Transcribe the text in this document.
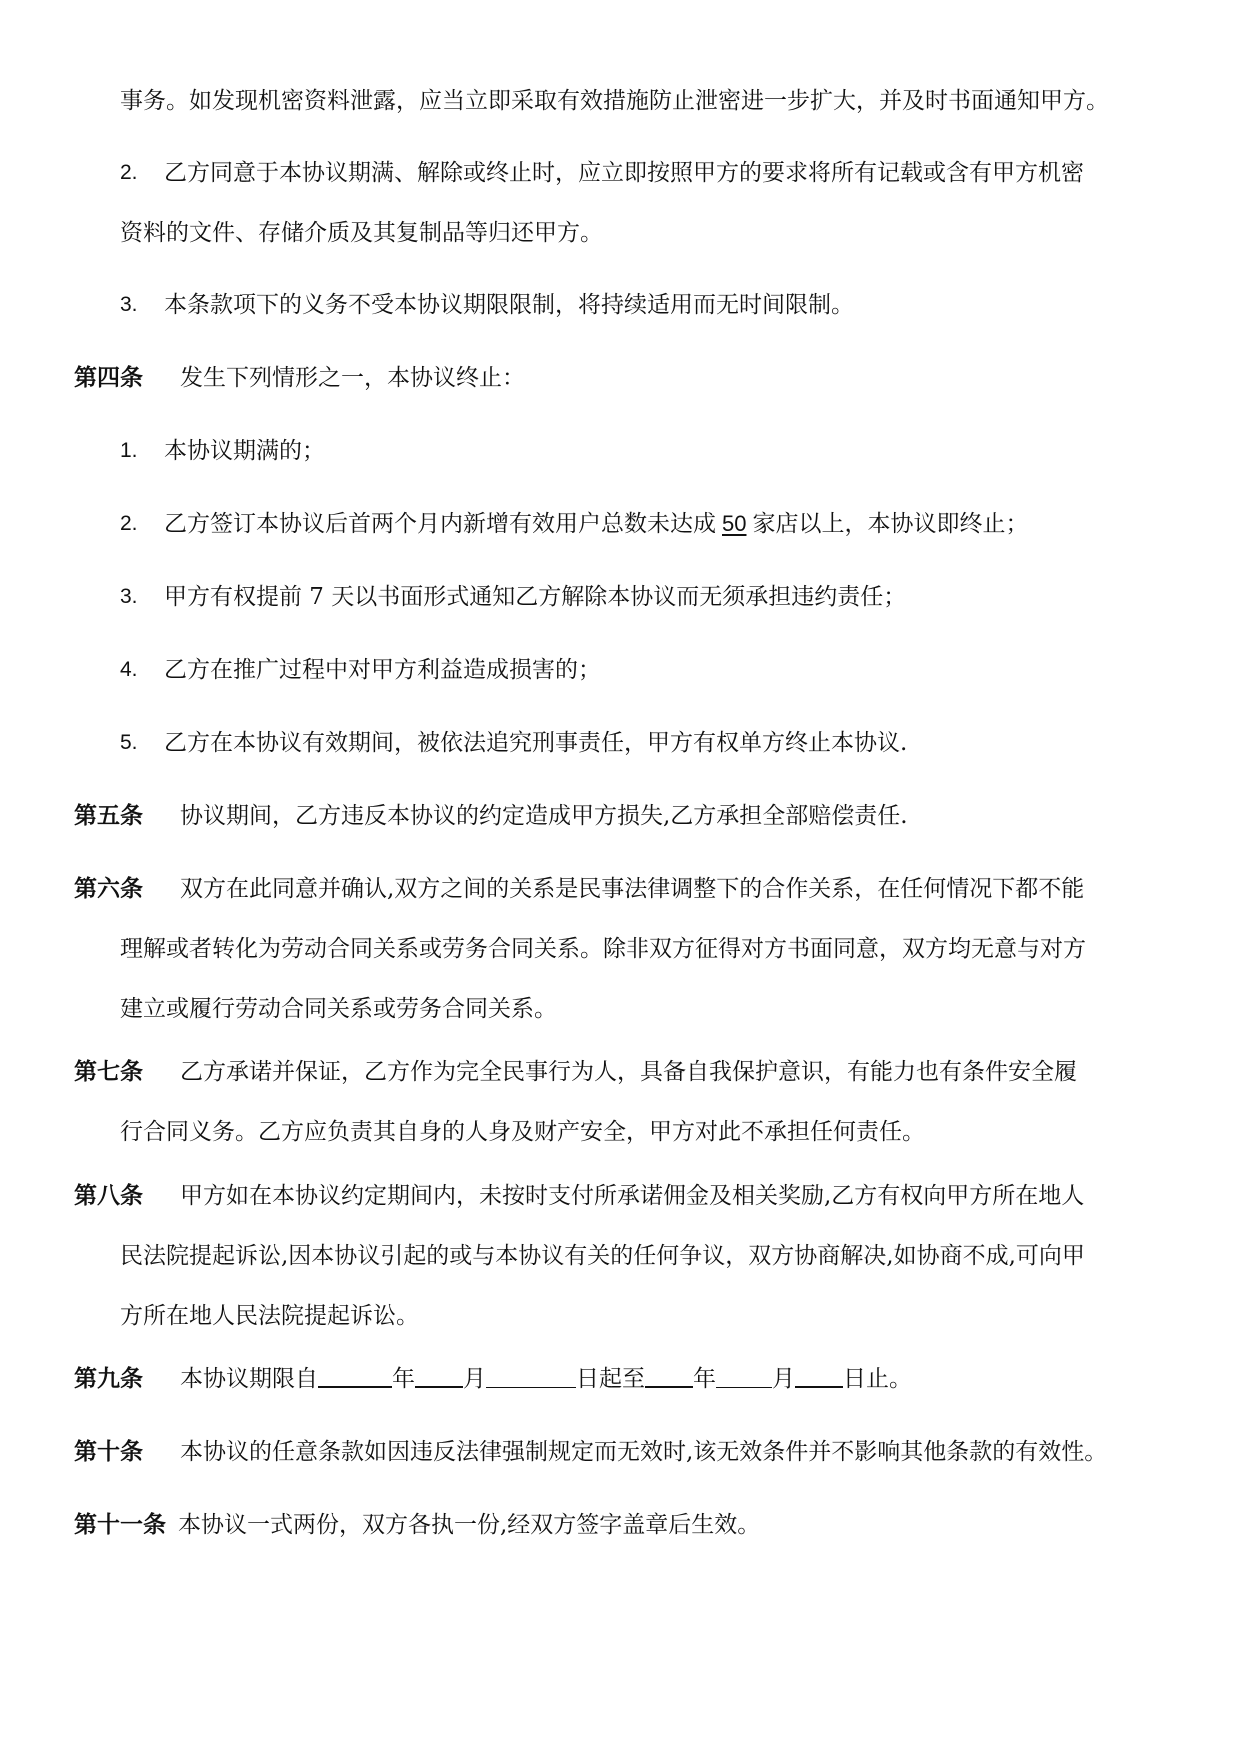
事务。如发现机密资料泄露，应当立即采取有效措施防止泄密进一步扩大，并及时书面通知甲方。
2. 乙方同意于本协议期满、解除或终止时，应立即按照甲方的要求将所有记载或含有甲方机密
资料的文件、存储介质及其复制品等归还甲方。
3. 本条款项下的义务不受本协议期限限制，将持续适用而无时间限制。
第四条 发生下列情形之一，本协议终止：
1. 本协议期满的；
2. 乙方签订本协议后首两个月内新增有效用户总数未达成 50 家店以上，本协议即终止；
3. 甲方有权提前 7 天以书面形式通知乙方解除本协议而无须承担违约责任；
4. 乙方在推广过程中对甲方利益造成损害的；
5. 乙方在本协议有效期间，被依法追究刑事责任，甲方有权单方终止本协议.
第五条 协议期间，乙方违反本协议的约定造成甲方损失,乙方承担全部赔偿责任.
第六条 双方在此同意并确认,双方之间的关系是民事法律调整下的合作关系，在任何情况下都不能
理解或者转化为劳动合同关系或劳务合同关系。除非双方征得对方书面同意，双方均无意与对方
建立或履行劳动合同关系或劳务合同关系。
第七条 乙方承诺并保证，乙方作为完全民事行为人，具备自我保护意识，有能力也有条件安全履
行合同义务。乙方应负责其自身的人身及财产安全，甲方对此不承担任何责任。
第八条 甲方如在本协议约定期间内，未按时支付所承诺佣金及相关奖励,乙方有权向甲方所在地人
民法院提起诉讼,因本协议引起的或与本协议有关的任何争议，双方协商解决,如协商不成,可向甲
方所在地人民法院提起诉讼。
第九条 本协议期限自	年 月	日起至 年 月 日止。
第十条 本协议的任意条款如因违反法律强制规定而无效时,该无效条件并不影响其他条款的有效性。
第十一条 本协议一式两份，双方各执一份,经双方签字盖章后生效。
